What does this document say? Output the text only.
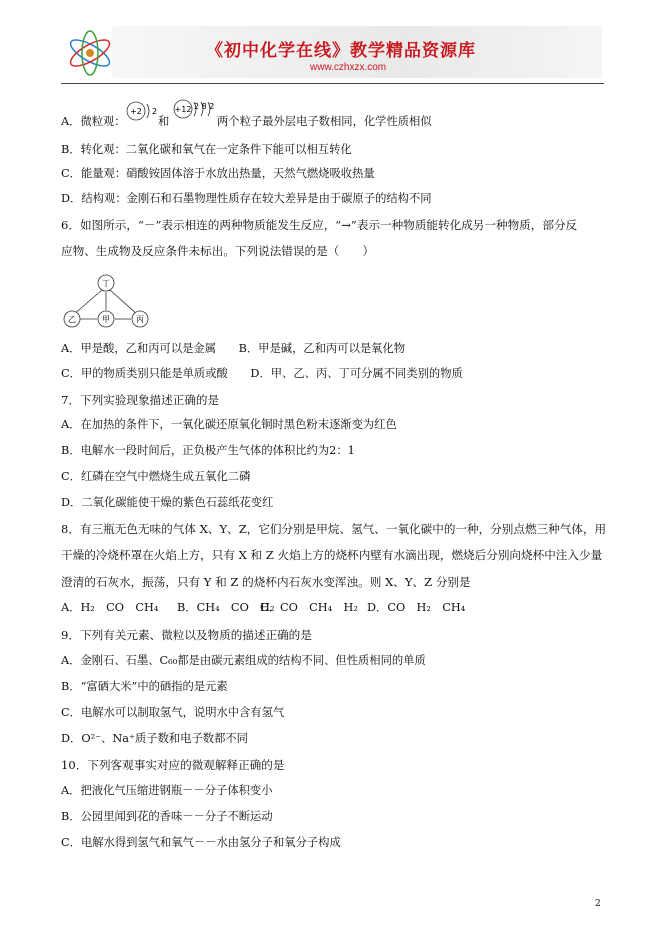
《初中化学在线》教学精品资源库
www.czhxzx.com
A．微粒观：
+2 2
和
+12 2 8 2
两个粒子最外层电子数相同，化学性质相似
B．转化观：二氧化碳和氧气在一定条件下能可以相互转化
C．能量观：硝酸铵固体溶于水放出热量，天然气燃烧吸收热量
D．结构观：金刚石和石墨物理性质存在较大差异是由于碳原子的结构不同
6．如图所示，“－”表示相连的两种物质能发生反应，“→”表示一种物质能转化成另一种物质，部分反
应物、生成物及反应条件未标出。下列说法错误的是（　　）
丁
乙	甲	丙
A．甲是酸，乙和丙可以是金属　　B．甲是碱，乙和丙可以是氧化物
C．甲的物质类别只能是单质或酸　　D．甲、乙、丙、丁可分属不同类别的物质
7．下列实验现象描述正确的是
A．在加热的条件下，一氧化碳还原氧化铜时黑色粉末逐渐变为红色
B．电解水一段时间后，正负极产生气体的体积比约为2：1
C．红磷在空气中燃烧生成五氧化二磷
D．二氧化碳能使干燥的紫色石蕊纸花变红
8．有三瓶无色无味的气体 X、Y、Z，它们分别是甲烷、氢气、一氧化碳中的一种，分别点燃三种气体，用
干燥的冷烧杯罩在火焰上方，只有 X 和 Z 火焰上方的烧杯内壁有水滴出现，燃烧后分别向烧杯中注入少量
澄清的石灰水，振荡，只有 Y 和 Z 的烧杯内石灰水变浑浊。则 X、Y、Z 分别是
A．H₂　CO　CH₄ B．CH₄　CO　H₂
C．CO　CH₄　H₂ D．CO　H₂　CH₄
9．下列有关元素、微粒以及物质的描述正确的是
A．金刚石、石墨、C₆₀都是由碳元素组成的结构不同、但性质相同的单质
B．“富硒大米”中的硒指的是元素
C．电解水可以制取氢气，说明水中含有氢气
D．O²⁻、Na⁺质子数和电子数都不同
10．下列客观事实对应的微观解释正确的是
A．把液化气压缩进钢瓶－－分子体积变小
B．公园里闻到花的香味－－分子不断运动
C．电解水得到氢气和氧气－－水由氢分子和氧分子构成
2
